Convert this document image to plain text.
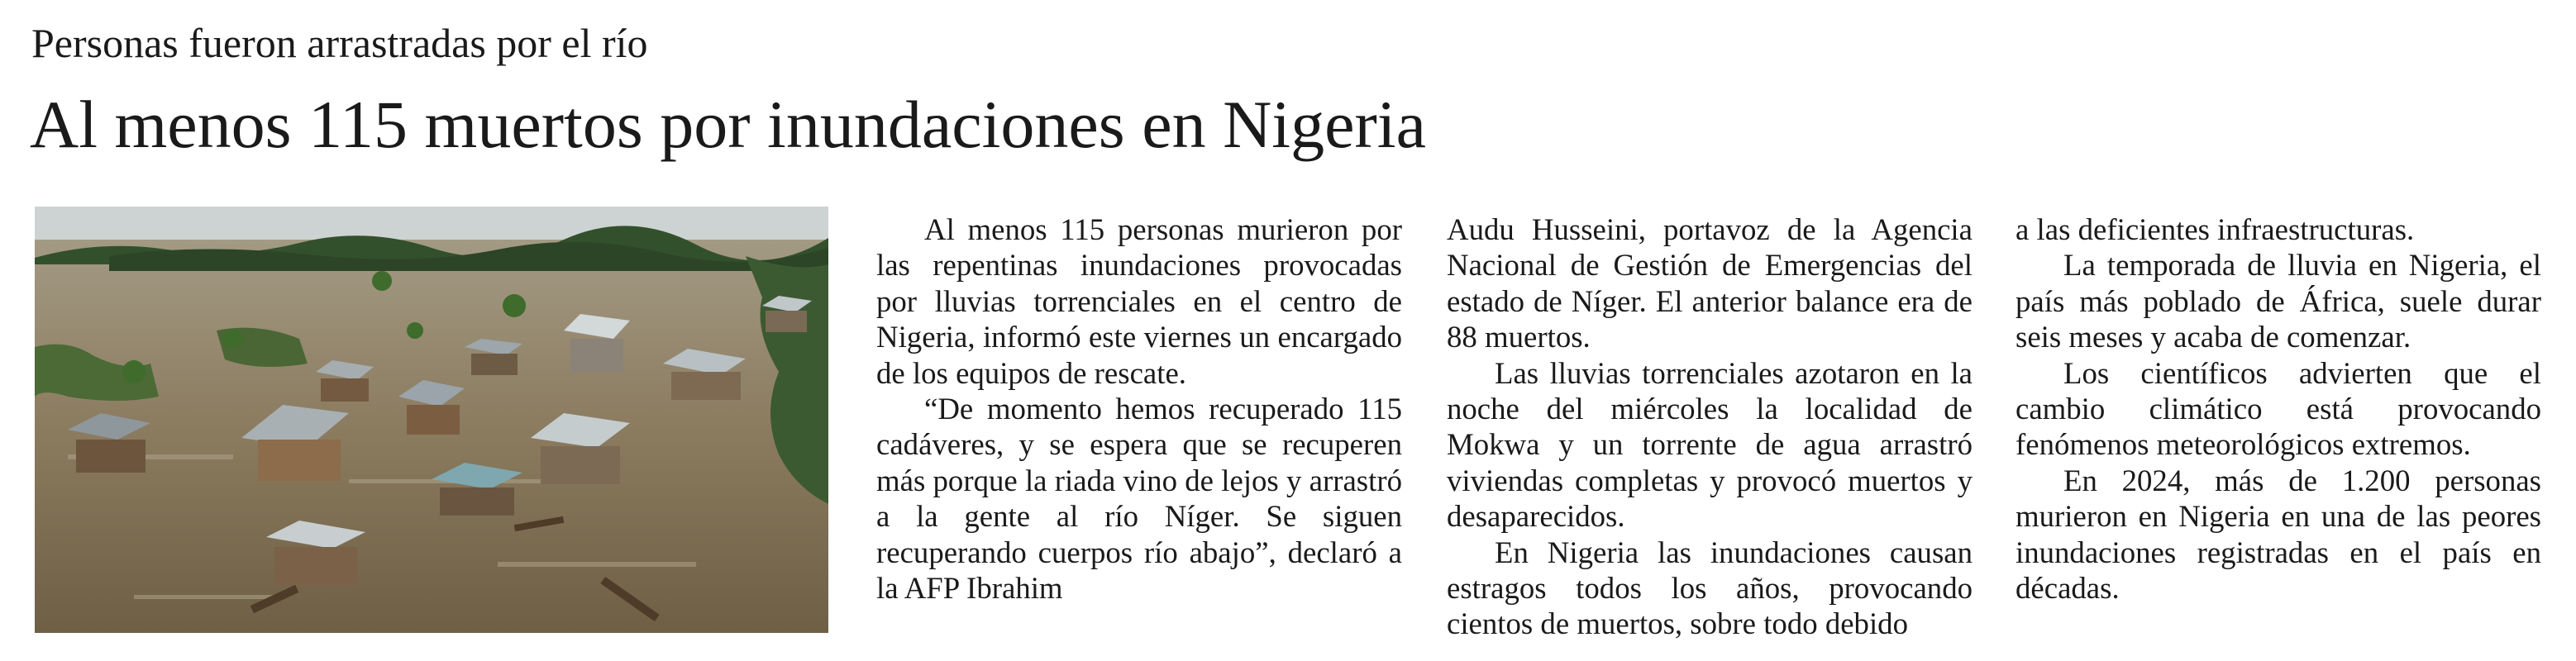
Personas fueron arrastradas por el río
Al menos 115 muertos por inundaciones en Nigeria

Al menos 115 personas murieron por las repentinas inundaciones provocadas por lluvias torrenciales en el centro de Nigeria, informó este viernes un encargado de los equipos de rescate.

“De momento hemos recuperado 115 cadáveres, y se espera que se recuperen más porque la riada vino de lejos y arrastró a la gente al río Níger. Se siguen recuperando cuerpos río abajo”, declaró a la AFP Ibrahim

Audu Husseini, portavoz de la Agencia Nacional de Gestión de Emergencias del estado de Níger. El anterior balance era de 88 muertos.

Las lluvias torrenciales azotaron en la noche del miércoles la localidad de Mokwa y un torrente de agua arrastró viviendas completas y provocó muertos y desaparecidos.

En Nigeria las inundaciones causan estragos todos los años, provocando cientos de muertos, sobre todo debido

a las deficientes infraestructuras.

La temporada de lluvia en Nigeria, el país más poblado de África, suele durar seis meses y acaba de comenzar.

Los científicos advierten que el cambio climático está provocando fenómenos meteorológicos extremos.

En 2024, más de 1.200 personas murieron en Nigeria en una de las peores inundaciones registradas en el país en décadas.
